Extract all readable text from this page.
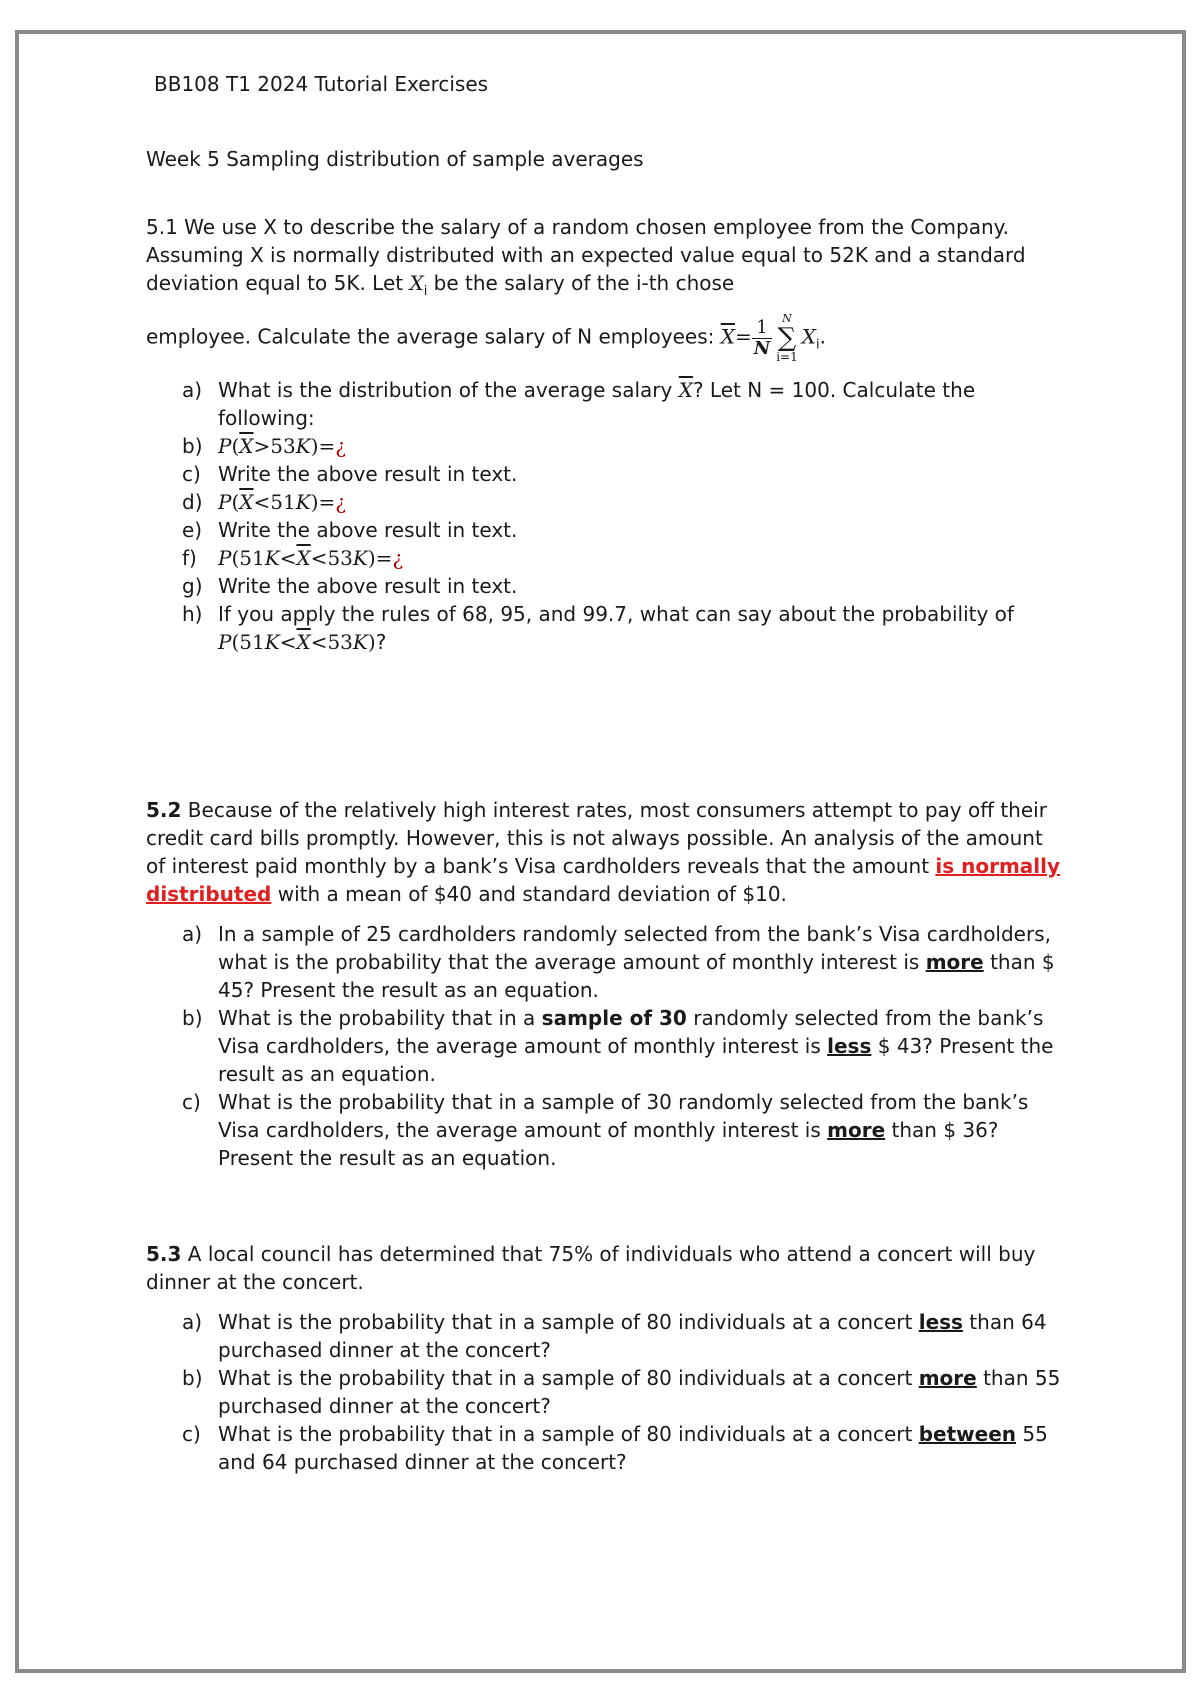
BB108 T1 2024 Tutorial Exercises
Week 5 Sampling distribution of sample averages

5.1 We use X to describe the salary of a random chosen employee from the Company. Assuming X is normally distributed with an expected value equal to 52K and a standard deviation equal to 5K. Let $X_i$ be the salary of the i-th chose

employee. Calculate the average salary of N employees: $\overline{X}= \frac{1}{N}$ N
∑
i=1
$X_i$.

a) What is the distribution of the average salary $\overline{X}$? Let N = 100. Calculate the following:
b) $P(\overline{X}>53K)=¿$
c) Write the above result in text.
d) $P(\overline{X}<51K)=¿$
e) Write the above result in text.
f) $P(51K<\overline{X}<53K)=¿$
g) Write the above result in text.
h) If you apply the rules of 68, 95, and 99.7, what can say about the probability of $P(51K<\overline{X}<53K)$?

5.2 Because of the relatively high interest rates, most consumers attempt to pay off their credit card bills promptly. However, this is not always possible. An analysis of the amount of interest paid monthly by a bank’s Visa cardholders reveals that the amount is normally distributed with a mean of $40 and standard deviation of $10.

a) In a sample of 25 cardholders randomly selected from the bank’s Visa cardholders, what is the probability that the average amount of monthly interest is more than $ 45? Present the result as an equation.
b) What is the probability that in a sample of 30 randomly selected from the bank’s Visa cardholders, the average amount of monthly interest is less $ 43? Present the result as an equation.
c) What is the probability that in a sample of 30 randomly selected from the bank’s Visa cardholders, the average amount of monthly interest is more than $ 36? Present the result as an equation.

5.3 A local council has determined that 75% of individuals who attend a concert will buy dinner at the concert.

a) What is the probability that in a sample of 80 individuals at a concert less than 64 purchased dinner at the concert?
b) What is the probability that in a sample of 80 individuals at a concert more than 55 purchased dinner at the concert?
c) What is the probability that in a sample of 80 individuals at a concert between 55 and 64 purchased dinner at the concert?
